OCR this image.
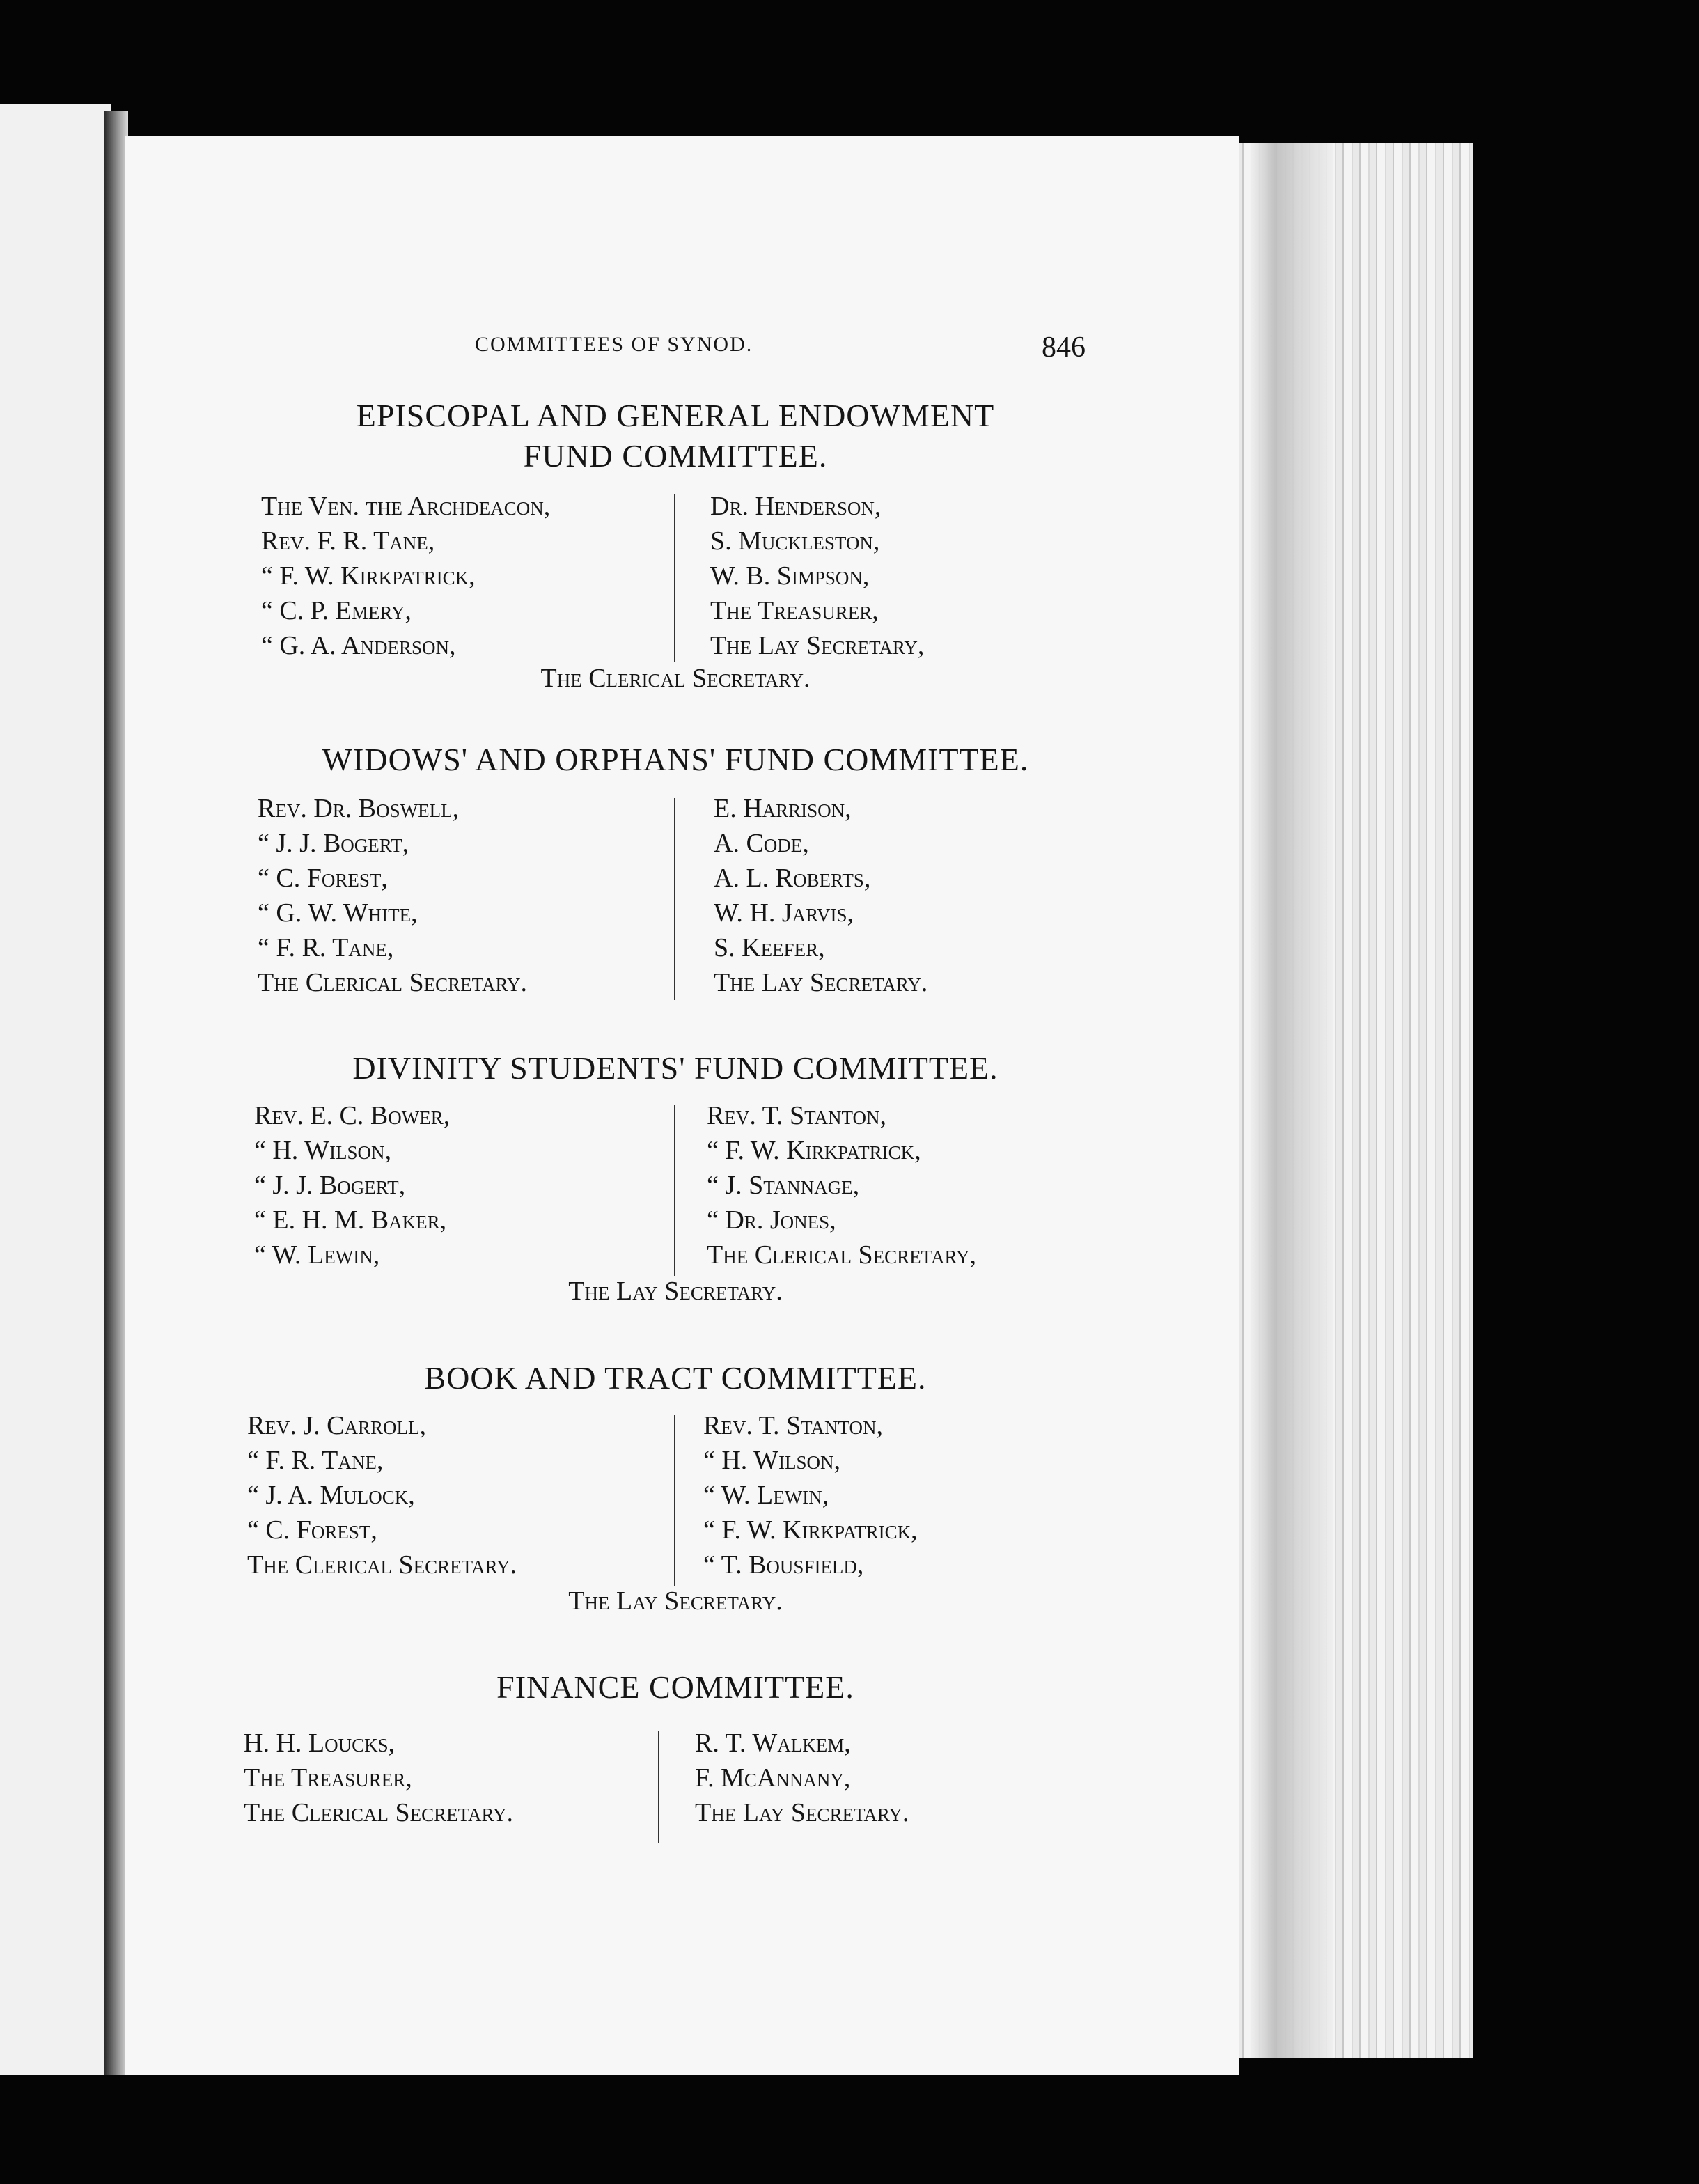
COMMITTEES OF SYNOD.	846
EPISCOPAL AND GENERAL ENDOWMENT
FUND COMMITTEE.
The Ven. the Archdeacon,
Rev. F. R. Tane,
“ F. W. Kirkpatrick,
“ C. P. Emery,
“ G. A. Anderson,
Dr. Henderson,
S. Muckleston,
W. B. Simpson,
The Treasurer,
The Lay Secretary,
The Clerical Secretary.
WIDOWS' AND ORPHANS' FUND COMMITTEE.
Rev. Dr. Boswell,
“ J. J. Bogert,
“ C. Forest,
“ G. W. White,
“ F. R. Tane,
The Clerical Secretary.
E. Harrison,
A. Code,
A. L. Roberts,
W. H. Jarvis,
S. Keefer,
The Lay Secretary.
DIVINITY STUDENTS' FUND COMMITTEE.
Rev. E. C. Bower,
“ H. Wilson,
“ J. J. Bogert,
“ E. H. M. Baker,
“ W. Lewin,
Rev. T. Stanton,
“ F. W. Kirkpatrick,
“ J. Stannage,
“ Dr. Jones,
The Clerical Secretary,
The Lay Secretary.
BOOK AND TRACT COMMITTEE.
Rev. J. Carroll,
“ F. R. Tane,
“ J. A. Mulock,
“ C. Forest,
The Clerical Secretary.
Rev. T. Stanton,
“ H. Wilson,
“ W. Lewin,
“ F. W. Kirkpatrick,
“ T. Bousfield,
The Lay Secretary.
FINANCE COMMITTEE.
H. H. Loucks,
The Treasurer,
The Clerical Secretary.
R. T. Walkem,
F. McAnnany,
The Lay Secretary.
